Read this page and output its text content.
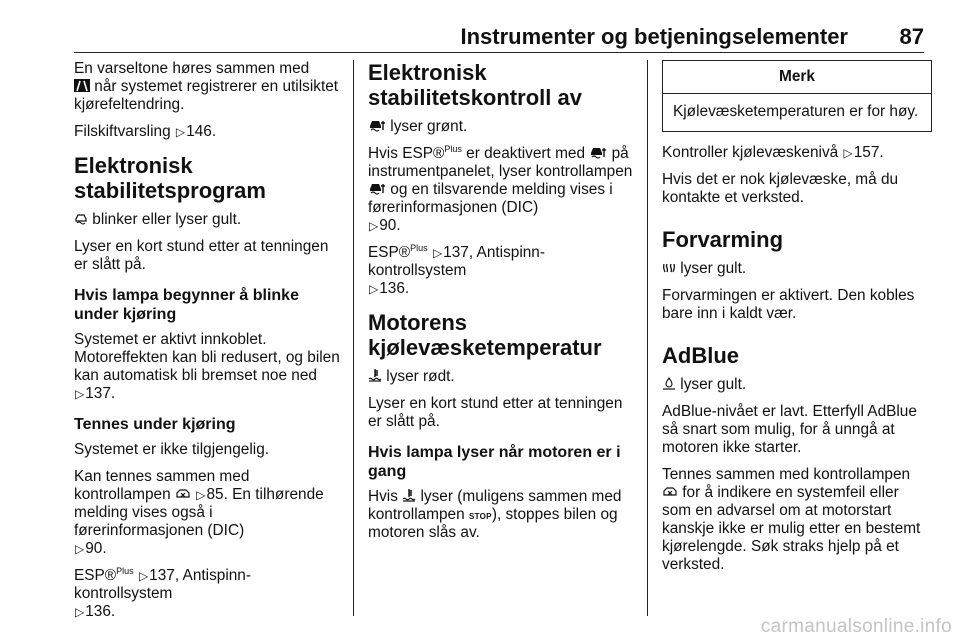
Instrumenter og betjeningselementer 87

En varseltone høres sammen med
når systemet registrerer en utilsiktet kjørefeltendring.

Filskiftvarsling ▷146.

Elektronisk stabilitetsprogram

blinker eller lyser gult.

Lyser en kort stund etter at tenningen er slått på.

Hvis lampa begynner å blinke under kjøring

Systemet er aktivt innkoblet. Motoreffekten kan bli redusert, og bilen kan automatisk bli bremset noe ned
▷137.

Tennes under kjøring

Systemet er ikke tilgjengelig.

Kan tennes sammen med kontrollampen ▷85. En tilhørende melding vises også i førerinformasjonen (DIC)
▷90.

ESP®$^{Plus}$ ▷137, Antispinn-kontrollsystem
▷136.

Elektronisk stabilitetskontroll av

lyser grønt.

Hvis ESP®$^{Plus}$ er deaktivert med på instrumentpanelet, lyser kontrollampen  og en tilsvarende melding vises i førerinformasjonen (DIC)
▷90.

ESP®$^{Plus}$ ▷137, Antispinn-kontrollsystem
▷136.

Motorens kjølevæsketemperatur

lyser rødt.

Lyser en kort stund etter at tenningen er slått på.

Hvis lampa lyser når motoren er i gang

Hvis lyser (muligens sammen med kontrollampen STOP), stoppes bilen og motoren slås av.

Merk
Kjølevæsketemperaturen er for høy.

Kontroller kjølevæskenivå ▷157.

Hvis det er nok kjølevæske, må du kontakte et verksted.

Forvarming

lyser gult.

Forvarmingen er aktivert. Den kobles bare inn i kaldt vær.

AdBlue

lyser gult.

AdBlue-nivået er lavt. Etterfyll AdBlue så snart som mulig, for å unngå at motoren ikke starter.

Tennes sammen med kontrollampen
for å indikere en systemfeil eller som en advarsel om at motorstart kanskje ikke er mulig etter en bestemt kjørelengde. Søk straks hjelp på et verksted.

carmanualsonline.info
